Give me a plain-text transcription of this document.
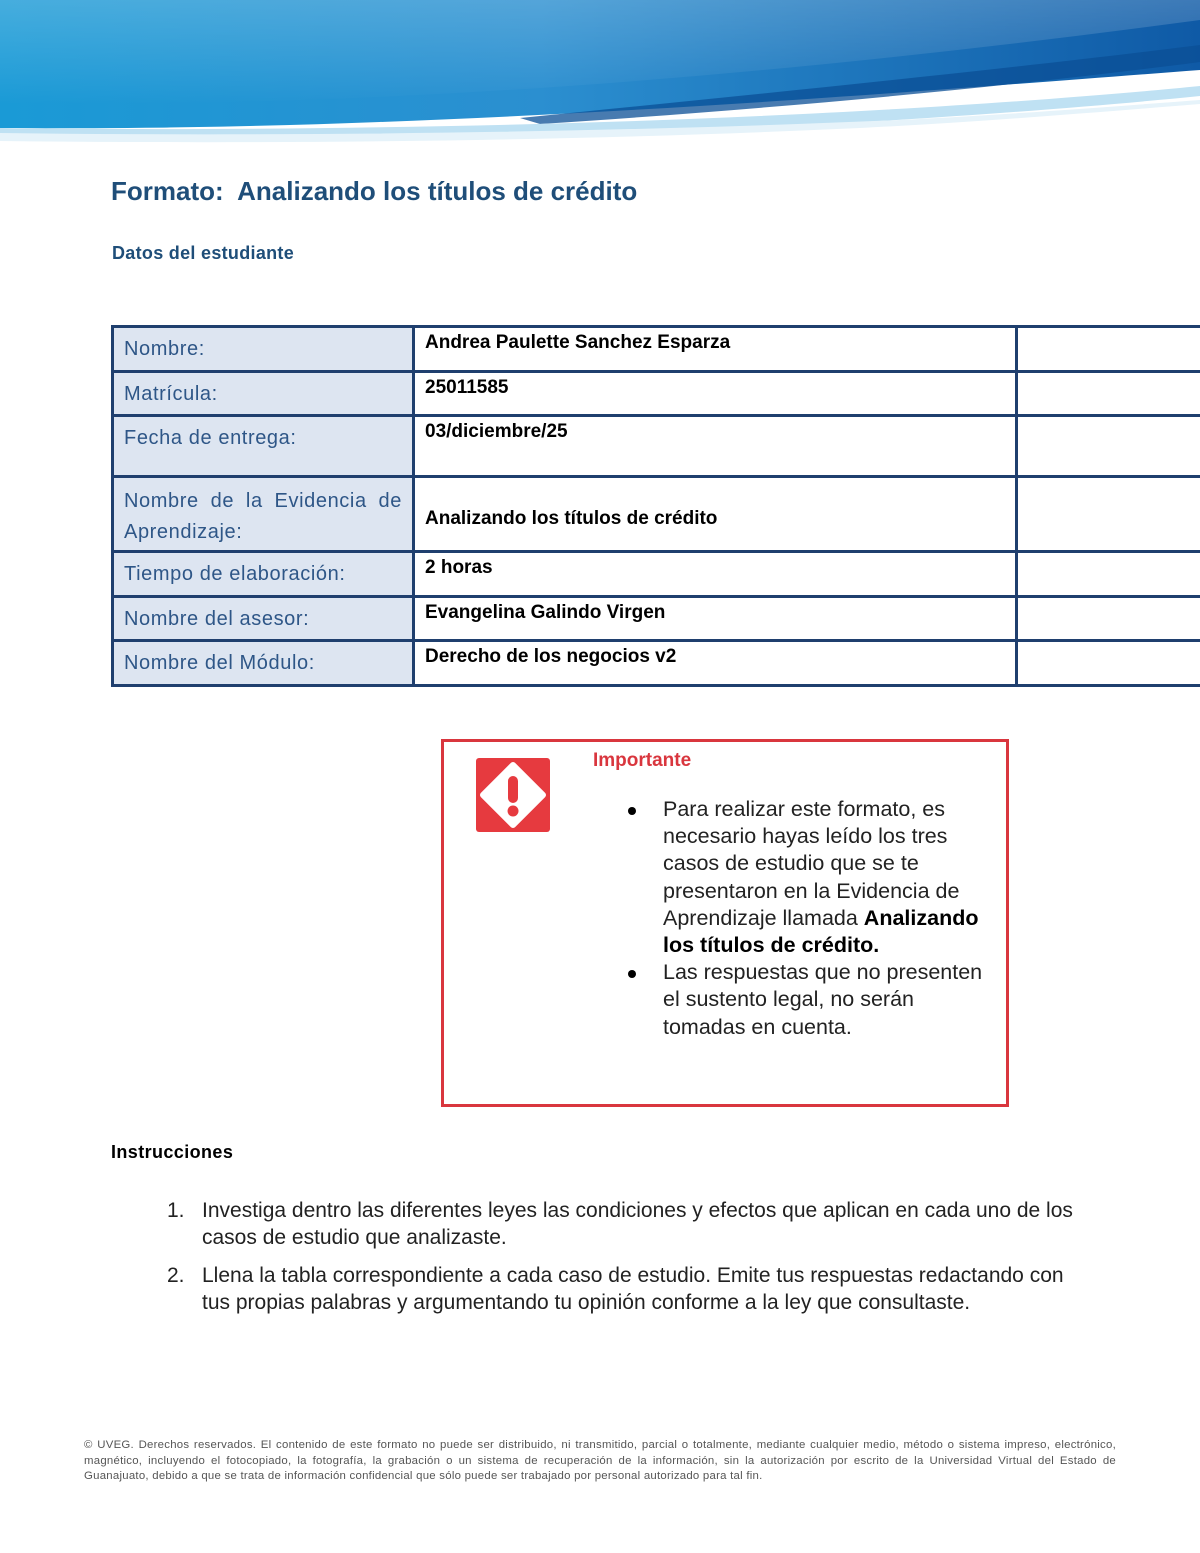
Formato:  Analizando los títulos de crédito
Datos del estudiante
Nombre:	Andrea Paulette Sanchez Esparza	
Matrícula:	25011585	
Fecha de entrega:	03/diciembre/25	
Nombre de la Evidencia de Aprendizaje:	Analizando los títulos de crédito	
Tiempo de elaboración:	2 horas	
Nombre del asesor:	Evangelina Galindo Virgen	
Nombre del Módulo:	Derecho de los negocios v2	
Importante
Para realizar este formato, es necesario hayas leído los tres casos de estudio que se te presentaron en la Evidencia de Aprendizaje llamada Analizando los títulos de crédito.
Las respuestas que no presenten el sustento legal, no serán tomadas en cuenta.
Instrucciones
1. Investiga dentro las diferentes leyes las condiciones y efectos que aplican en cada uno de los casos de estudio que analizaste.
2. Llena la tabla correspondiente a cada caso de estudio. Emite tus respuestas redactando con tus propias palabras y argumentando tu opinión conforme a la ley que consultaste.

© UVEG. Derechos reservados. El contenido de este formato no puede ser distribuido, ni transmitido, parcial o totalmente, mediante cualquier medio, método o sistema impreso, electrónico, magnético, incluyendo el fotocopiado, la fotografía, la grabación o un sistema de recuperación de la información, sin la autorización por escrito de la Universidad Virtual del Estado de Guanajuato, debido a que se trata de información confidencial que sólo puede ser trabajado por personal autorizado para tal fin.
